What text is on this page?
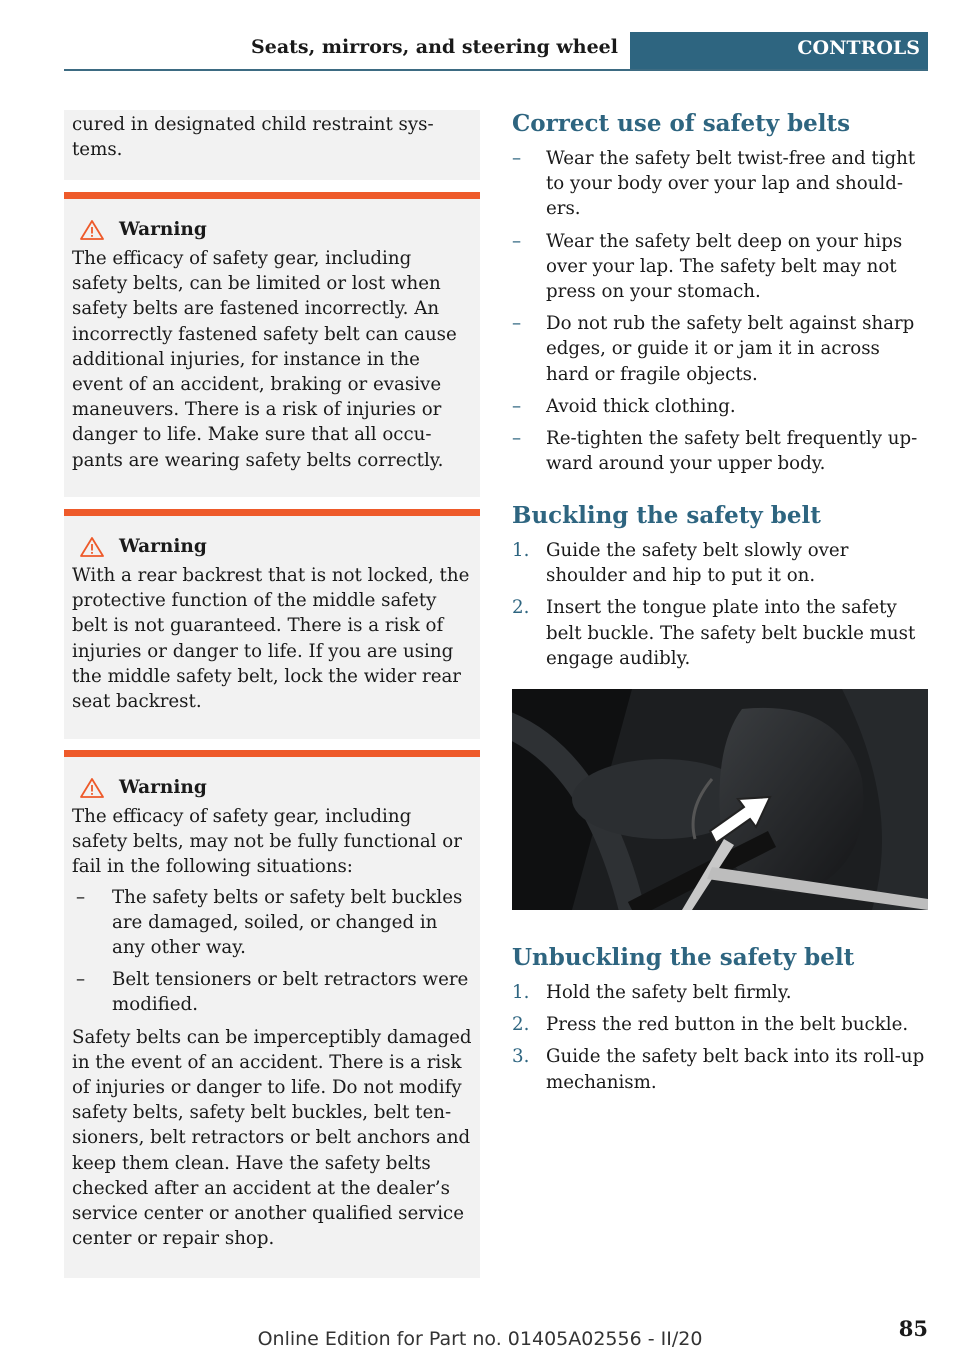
Seats, mirrors, and steering wheel	CONTROLS

cured in designated child restraint sys-
tems.

Warning

The efficacy of safety gear, including safety belts, can be limited or lost when safety belts are fastened incorrectly. An incorrectly fastened safety belt can cause additional injuries, for instance in the event of an accident, braking or evasive maneuvers. There is a risk of injuries or danger to life. Make sure that all occu-pants are wearing safety belts correctly.

Warning

With a rear backrest that is not locked, the protective function of the middle safety belt is not guaranteed. There is a risk of injuries or danger to life. If you are using the middle safety belt, lock the wider rear seat backrest.

Warning

The efficacy of safety gear, including safety belts, may not be fully functional or fail in the following situations:

– The safety belts or safety belt buckles are damaged, soiled, or changed in any other way.
– Belt tensioners or belt retractors were modified.

Safety belts can be imperceptibly damaged in the event of an accident. There is a risk of injuries or danger to life. Do not modify safety belts, safety belt buckles, belt ten-sioners, belt retractors or belt anchors and keep them clean. Have the safety belts checked after an accident at the dealer’s service center or another qualified service center or repair shop.

Correct use of safety belts
– Wear the safety belt twist-free and tight to your body over your lap and should-ers.
– Wear the safety belt deep on your hips over your lap. The safety belt may not press on your stomach.
– Do not rub the safety belt against sharp edges, or guide it or jam it in across hard or fragile objects.
– Avoid thick clothing.
– Re-tighten the safety belt frequently up-ward around your upper body.
Buckling the safety belt
1. Guide the safety belt slowly over shoulder and hip to put it on.
2. Insert the tongue plate into the safety belt buckle. The safety belt buckle must engage audibly.
Unbuckling the safety belt
1. Hold the safety belt firmly.
2. Press the red button in the belt buckle.
3. Guide the safety belt back into its roll-up mechanism.
85
Online Edition for Part no. 01405A02556 - II/20
